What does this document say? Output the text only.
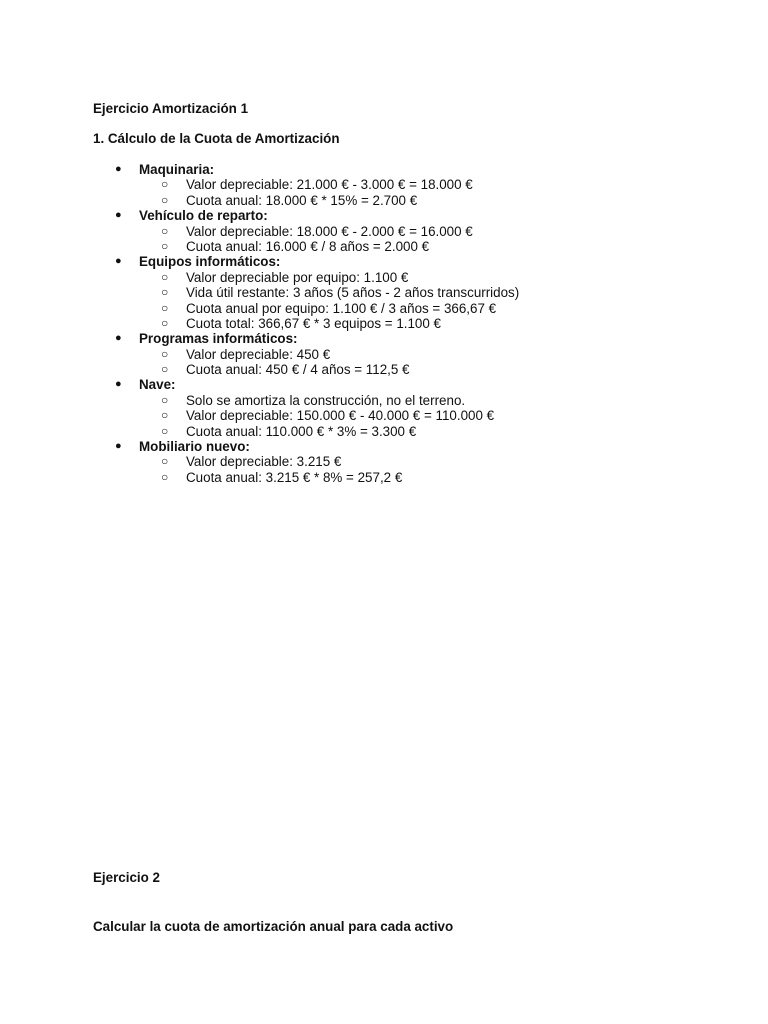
Ejercicio Amortización 1
1. Cálculo de la Cuota de Amortización
● Maquinaria:
○ Valor depreciable: 21.000 € - 3.000 € = 18.000 €
○ Cuota anual: 18.000 € * 15% = 2.700 €
● Vehículo de reparto:
○ Valor depreciable: 18.000 € - 2.000 € = 16.000 €
○ Cuota anual: 16.000 € / 8 años = 2.000 €
● Equipos informáticos:
○ Valor depreciable por equipo: 1.100 €
○ Vida útil restante: 3 años (5 años - 2 años transcurridos)
○ Cuota anual por equipo: 1.100 € / 3 años = 366,67 €
○ Cuota total: 366,67 € * 3 equipos = 1.100 €
● Programas informáticos:
○ Valor depreciable: 450 €
○ Cuota anual: 450 € / 4 años = 112,5 €
● Nave:
○ Solo se amortiza la construcción, no el terreno.
○ Valor depreciable: 150.000 € - 40.000 € = 110.000 €
○ Cuota anual: 110.000 € * 3% = 3.300 €
● Mobiliario nuevo:
○ Valor depreciable: 3.215 €
○ Cuota anual: 3.215 € * 8% = 257,2 €
Ejercicio 2
Calcular la cuota de amortización anual para cada activo
